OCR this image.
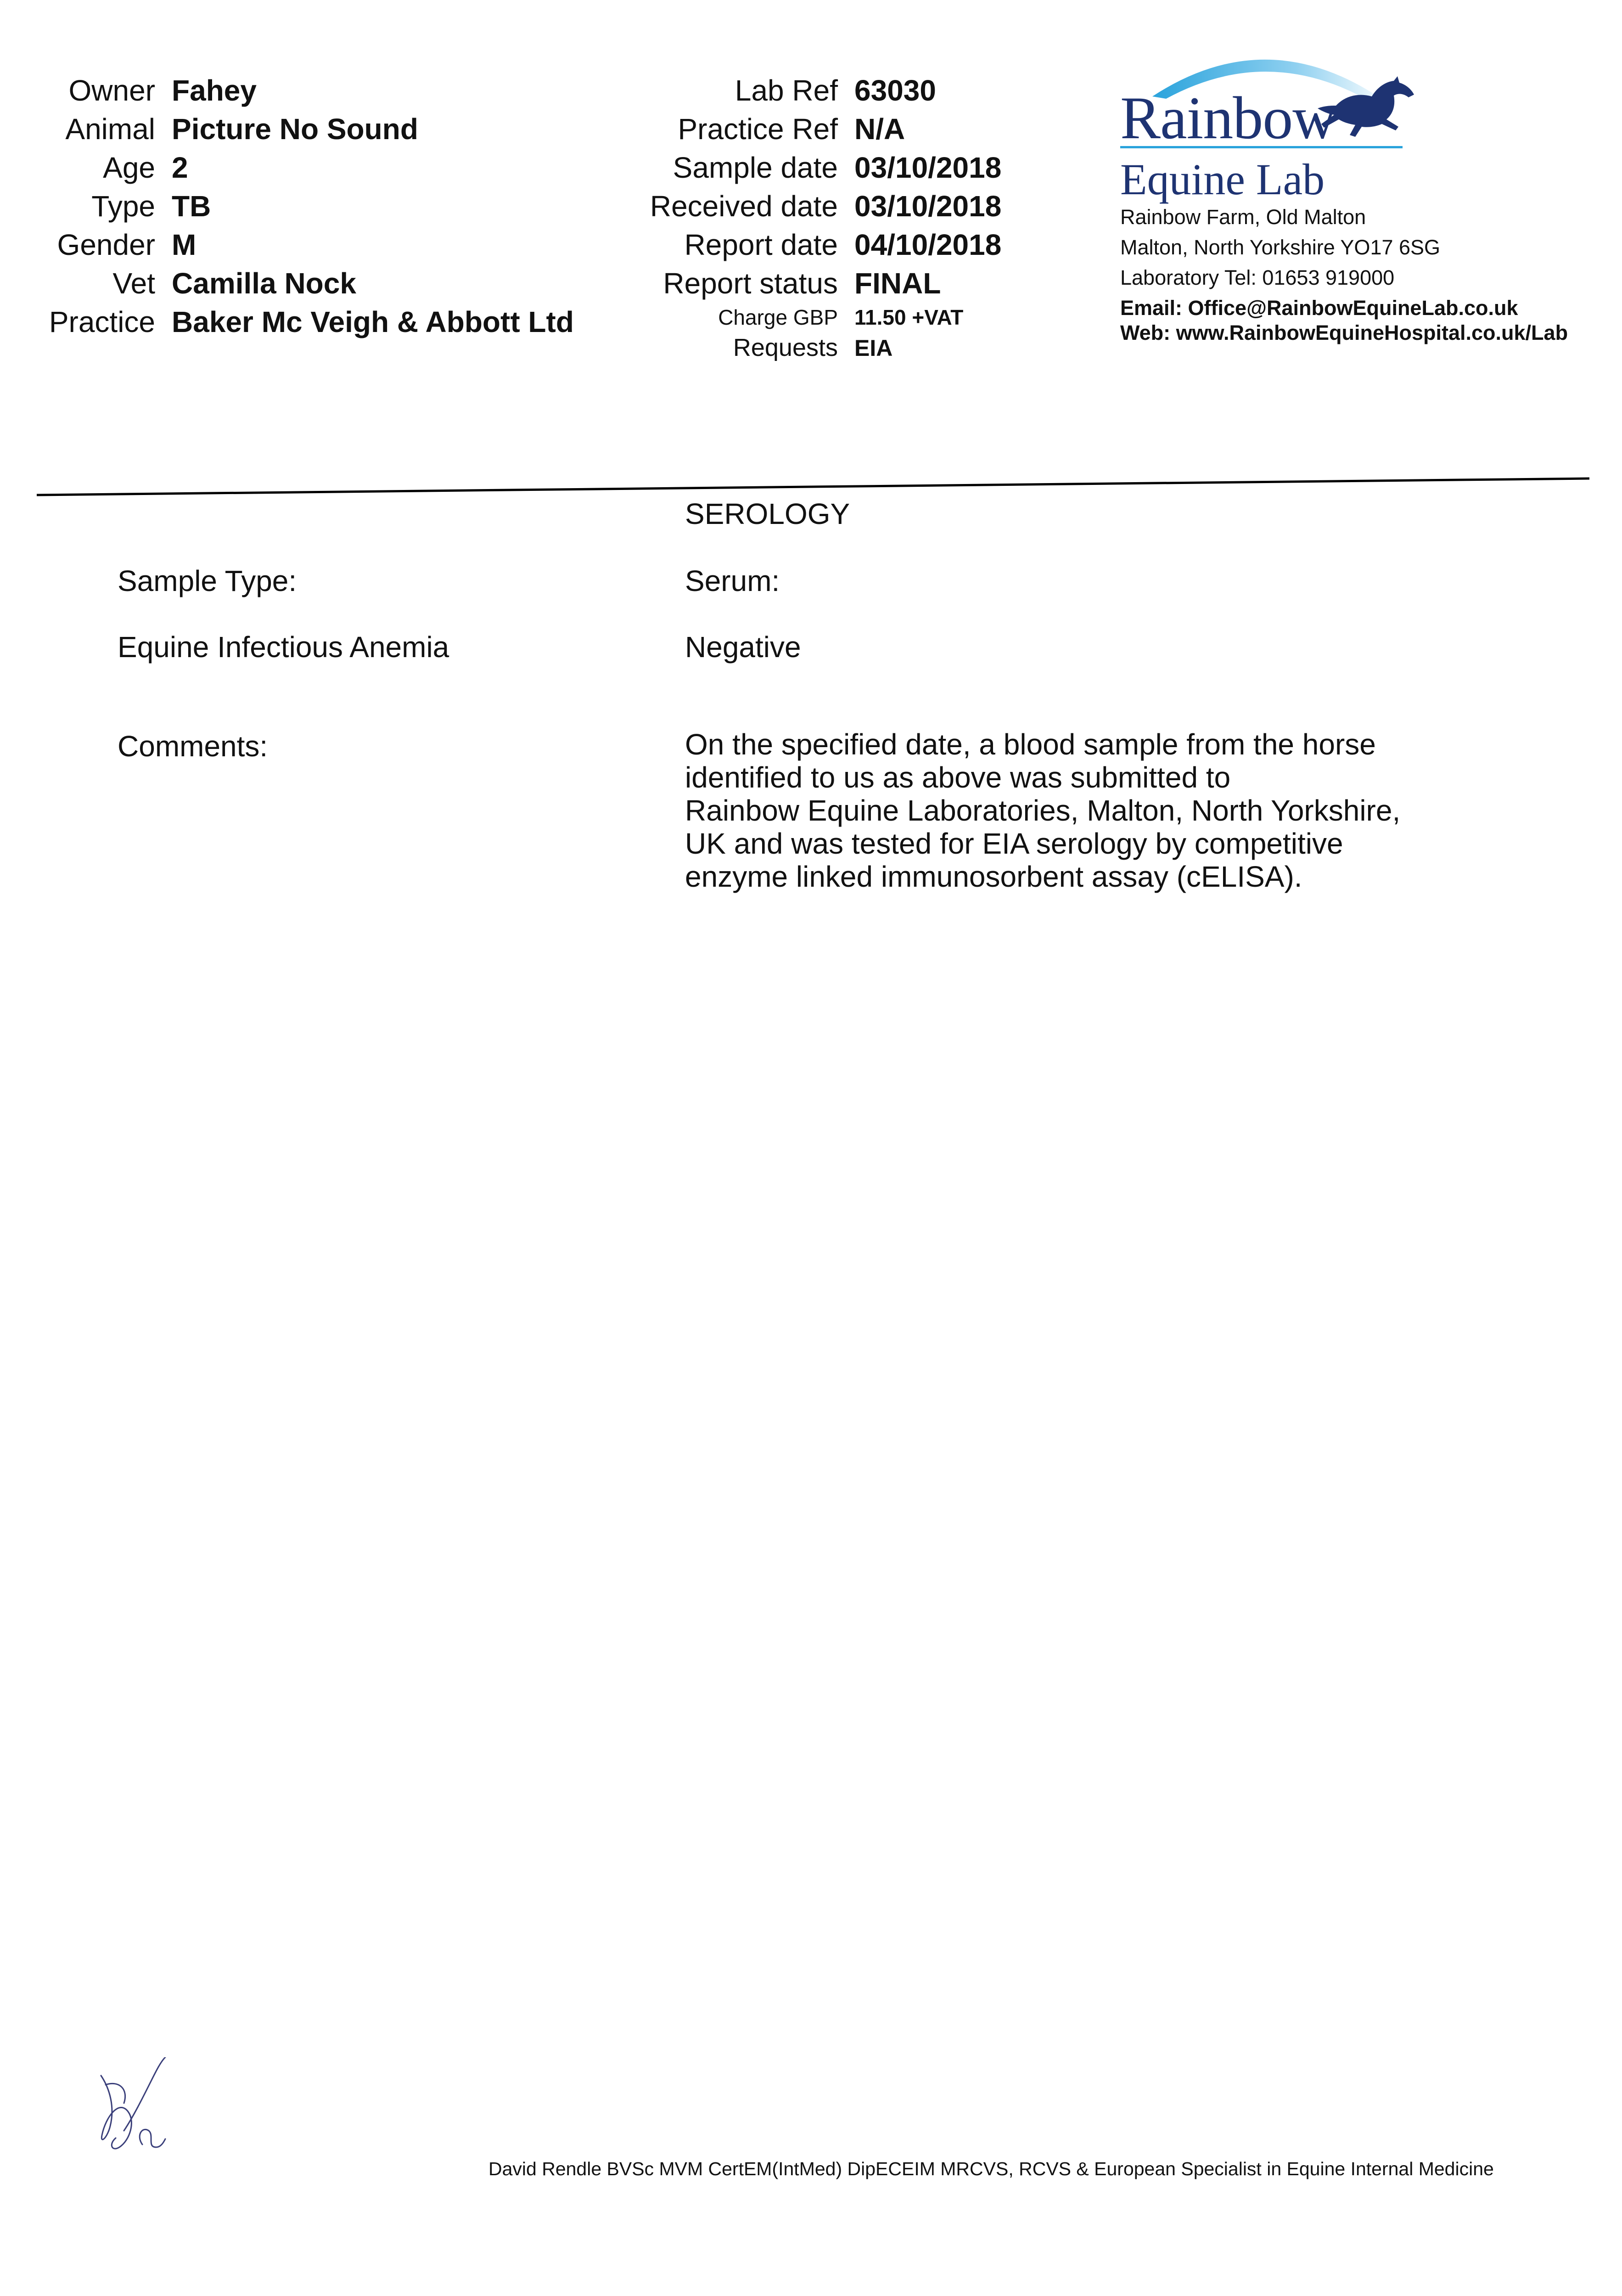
Owner Fahey
Animal Picture No Sound
Age 2
Type TB
Gender M
Vet Camilla Nock
Practice Baker Mc Veigh & Abbott Ltd
Lab Ref 63030
Practice Ref N/A
Sample date 03/10/2018
Received date 03/10/2018
Report date 04/10/2018
Report status FINAL
Charge GBP 11.50 +VAT
Requests EIA
Rainbow
Equine Lab
Rainbow Farm, Old Malton
Malton, North Yorkshire YO17 6SG
Laboratory Tel: 01653 919000
Email: Office@RainbowEquineLab.co.uk
Web: www.RainbowEquineHospital.co.uk/Lab
SEROLOGY
Sample Type:	Serum:
Equine Infectious Anemia	Negative
Comments:	On the specified date, a blood sample from the horse
identified to us as above was submitted to
Rainbow Equine Laboratories, Malton, North Yorkshire,
UK and was tested for EIA serology by competitive
enzyme linked immunosorbent assay (cELISA).
David Rendle BVSc MVM CertEM(IntMed) DipECEIM MRCVS, RCVS & European Specialist in Equine Internal Medicine
